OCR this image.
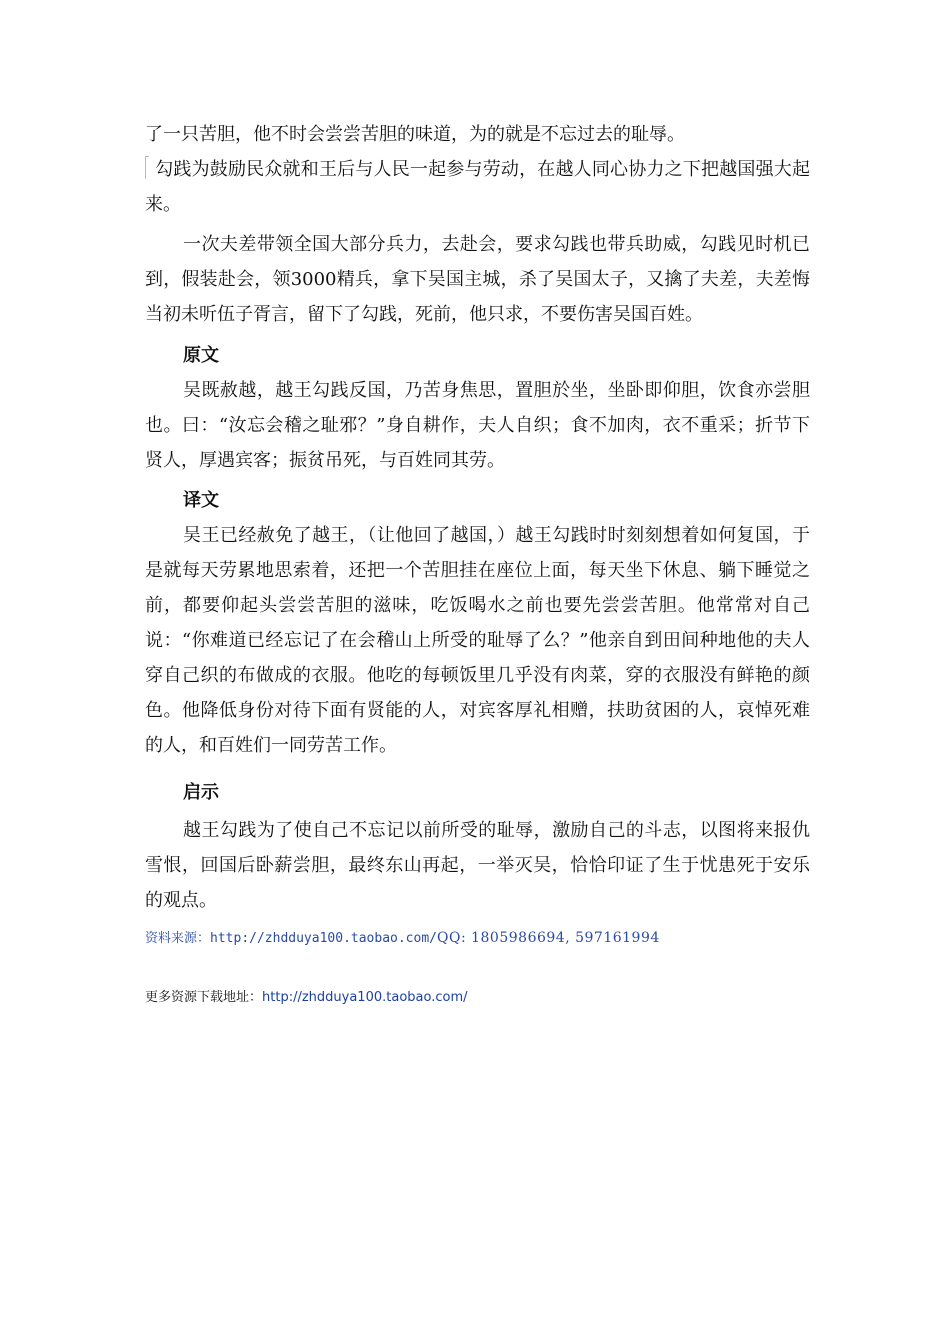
了一只苦胆，他不时会尝尝苦胆的味道，为的就是不忘过去的耻辱。

勾践为鼓励民众就和王后与人民一起参与劳动，在越人同心协力之下把越国强大起来。

一次夫差带领全国大部分兵力，去赴会，要求勾践也带兵助威，勾践见时机已到，假装赴会，领3000精兵，拿下吴国主城，杀了吴国太子，又擒了夫差，夫差悔当初未听伍子胥言，留下了勾践，死前，他只求，不要伤害吴国百姓。

原文

吴既赦越，越王勾践反国，乃苦身焦思，置胆於坐，坐卧即仰胆，饮食亦尝胆也。曰：“汝忘会稽之耻邪？”身自耕作，夫人自织；食不加肉，衣不重采；折节下贤人，厚遇宾客；振贫吊死，与百姓同其劳。

译文

吴王已经赦免了越王，（让他回了越国，）越王勾践时时刻刻想着如何复国，于是就每天劳累地思索着，还把一个苦胆挂在座位上面，每天坐下休息、躺下睡觉之前，都要仰起头尝尝苦胆的滋味，吃饭喝水之前也要先尝尝苦胆。他常常对自己说：“你难道已经忘记了在会稽山上所受的耻辱了么？”他亲自到田间种地他的夫人穿自己织的布做成的衣服。他吃的每顿饭里几乎没有肉菜，穿的衣服没有鲜艳的颜色。他降低身份对待下面有贤能的人，对宾客厚礼相赠，扶助贫困的人，哀悼死难的人，和百姓们一同劳苦工作。

启示

越王勾践为了使自己不忘记以前所受的耻辱，激励自己的斗志，以图将来报仇雪恨，回国后卧薪尝胆，最终东山再起，一举灭吴，恰恰印证了生于忧患死于安乐的观点。

资料来源：http://zhdduya100.taobao.com/QQ: 1805986694, 597161994

更多资源下载地址：http://zhdduya100.taobao.com/
